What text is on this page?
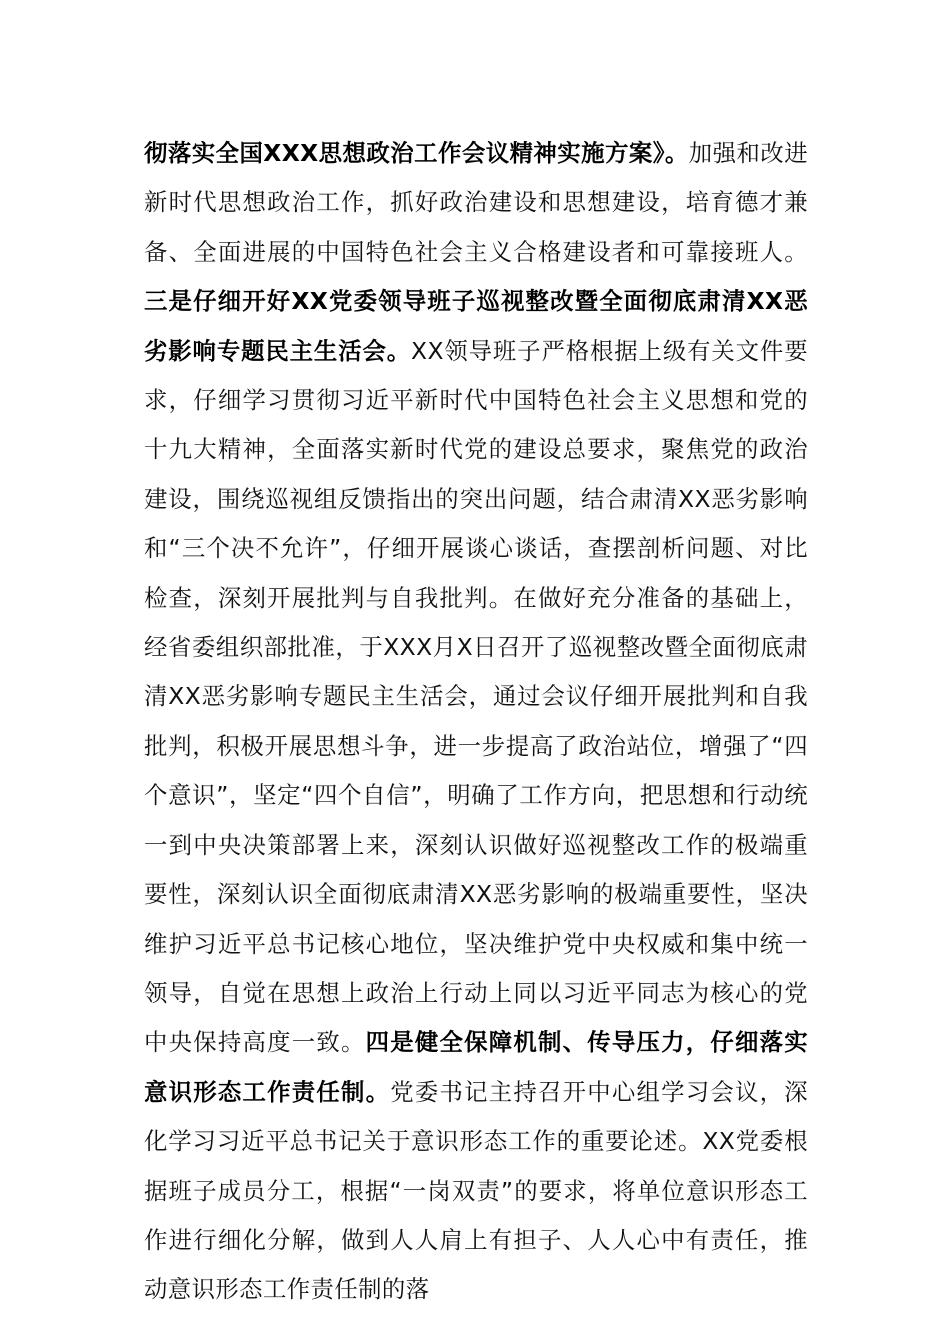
彻落实全国XXX思想政治工作会议精神实施方案》。加强和改进新时代思想政治工作，抓好政治建设和思想建设，培育德才兼备、全面进展的中国特色社会主义合格建设者和可靠接班人。三是仔细开好XX党委领导班子巡视整改暨全面彻底肃清XX恶劣影响专题民主生活会。XX领导班子严格根据上级有关文件要求，仔细学习贯彻习近平新时代中国特色社会主义思想和党的十九大精神，全面落实新时代党的建设总要求，聚焦党的政治建设，围绕巡视组反馈指出的突出问题，结合肃清XX恶劣影响和“三个决不允许”，仔细开展谈心谈话，查摆剖析问题、对比检查，深刻开展批判与自我批判。在做好充分准备的基础上，经省委组织部批准，于XXX月X日召开了巡视整改暨全面彻底肃清XX恶劣影响专题民主生活会，通过会议仔细开展批判和自我批判，积极开展思想斗争，进一步提高了政治站位，增强了“四个意识”，坚定“四个自信”，明确了工作方向，把思想和行动统一到中央决策部署上来，深刻认识做好巡视整改工作的极端重要性，深刻认识全面彻底肃清XX恶劣影响的极端重要性，坚决维护习近平总书记核心地位，坚决维护党中央权威和集中统一领导，自觉在思想上政治上行动上同以习近平同志为核心的党中央保持高度一致。四是健全保障机制、传导压力，仔细落实意识形态工作责任制。党委书记主持召开中心组学习会议，深化学习习近平总书记关于意识形态工作的重要论述。XX党委根据班子成员分工，根据“一岗双责”的要求，将单位意识形态工作进行细化分解，做到人人肩上有担子、人人心中有责任，推动意识形态工作责任制的落
